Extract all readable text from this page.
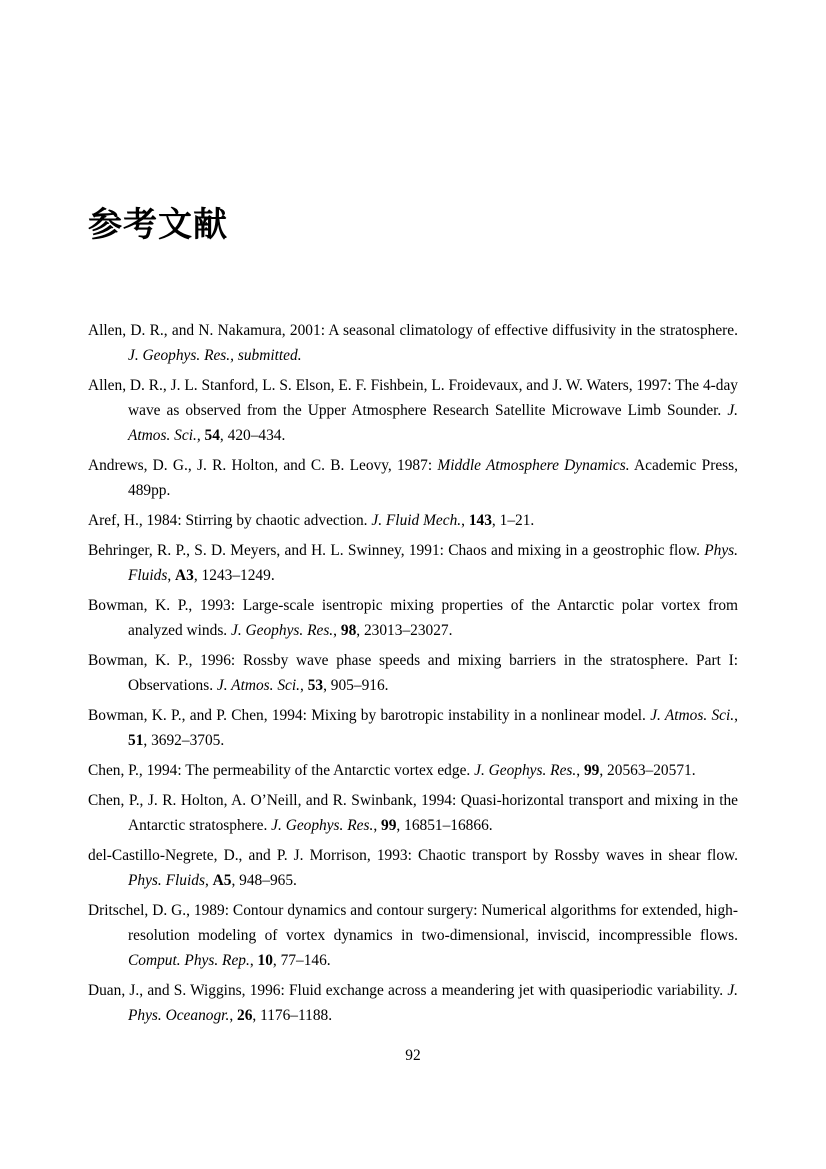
参考文献

Allen, D. R., and N. Nakamura, 2001: A seasonal climatology of effective diffusivity in the stratosphere. J. Geophys. Res., submitted.

Allen, D. R., J. L. Stanford, L. S. Elson, E. F. Fishbein, L. Froidevaux, and J. W. Waters, 1997: The 4-day wave as observed from the Upper Atmosphere Research Satellite Microwave Limb Sounder. J. Atmos. Sci., 54, 420–434.

Andrews, D. G., J. R. Holton, and C. B. Leovy, 1987: Middle Atmosphere Dynamics. Academic Press, 489pp.

Aref, H., 1984: Stirring by chaotic advection. J. Fluid Mech., 143, 1–21.

Behringer, R. P., S. D. Meyers, and H. L. Swinney, 1991: Chaos and mixing in a geostrophic flow. Phys. Fluids, A3, 1243–1249.

Bowman, K. P., 1993: Large-scale isentropic mixing properties of the Antarctic polar vortex from analyzed winds. J. Geophys. Res., 98, 23013–23027.

Bowman, K. P., 1996: Rossby wave phase speeds and mixing barriers in the stratosphere. Part I: Observations. J. Atmos. Sci., 53, 905–916.

Bowman, K. P., and P. Chen, 1994: Mixing by barotropic instability in a nonlinear model. J. Atmos. Sci., 51, 3692–3705.

Chen, P., 1994: The permeability of the Antarctic vortex edge. J. Geophys. Res., 99, 20563–20571.

Chen, P., J. R. Holton, A. O’Neill, and R. Swinbank, 1994: Quasi-horizontal transport and mixing in the Antarctic stratosphere. J. Geophys. Res., 99, 16851–16866.

del-Castillo-Negrete, D., and P. J. Morrison, 1993: Chaotic transport by Rossby waves in shear flow. Phys. Fluids, A5, 948–965.

Dritschel, D. G., 1989: Contour dynamics and contour surgery: Numerical algorithms for extended, high-resolution modeling of vortex dynamics in two-dimensional, inviscid, incompressible flows. Comput. Phys. Rep., 10, 77–146.

Duan, J., and S. Wiggins, 1996: Fluid exchange across a meandering jet with quasiperiodic variability. J. Phys. Oceanogr., 26, 1176–1188.

92
